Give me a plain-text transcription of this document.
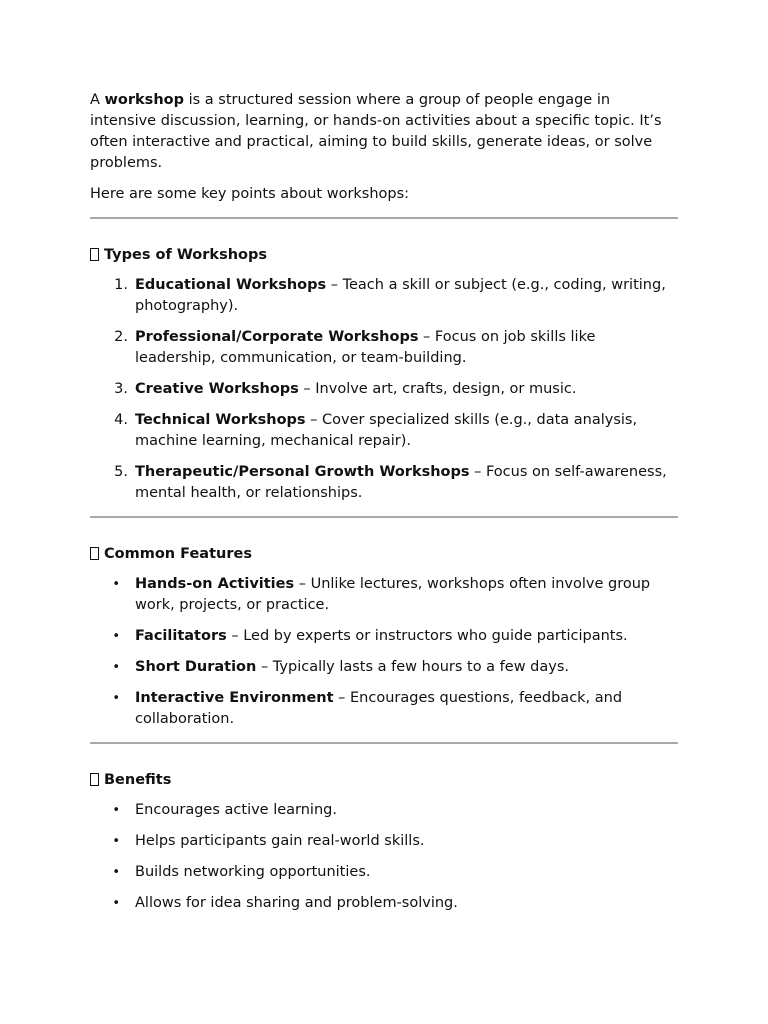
A workshop is a structured session where a group of people engage in intensive discussion, learning, or hands-on activities about a specific topic. It’s often interactive and practical, aiming to build skills, generate ideas, or solve problems.

Here are some key points about workshops:

Types of Workshops
1. Educational Workshops – Teach a skill or subject (e.g., coding, writing, photography).
2. Professional/Corporate Workshops – Focus on job skills like leadership, communication, or team-building.
3. Creative Workshops – Involve art, crafts, design, or music.
4. Technical Workshops – Cover specialized skills (e.g., data analysis, machine learning, mechanical repair).
5. Therapeutic/Personal Growth Workshops – Focus on self-awareness, mental health, or relationships.
Common Features
• Hands-on Activities – Unlike lectures, workshops often involve group work, projects, or practice.
• Facilitators – Led by experts or instructors who guide participants.
• Short Duration – Typically lasts a few hours to a few days.
• Interactive Environment – Encourages questions, feedback, and collaboration.
Benefits
• Encourages active learning.
• Helps participants gain real-world skills.
• Builds networking opportunities.
• Allows for idea sharing and problem-solving.
